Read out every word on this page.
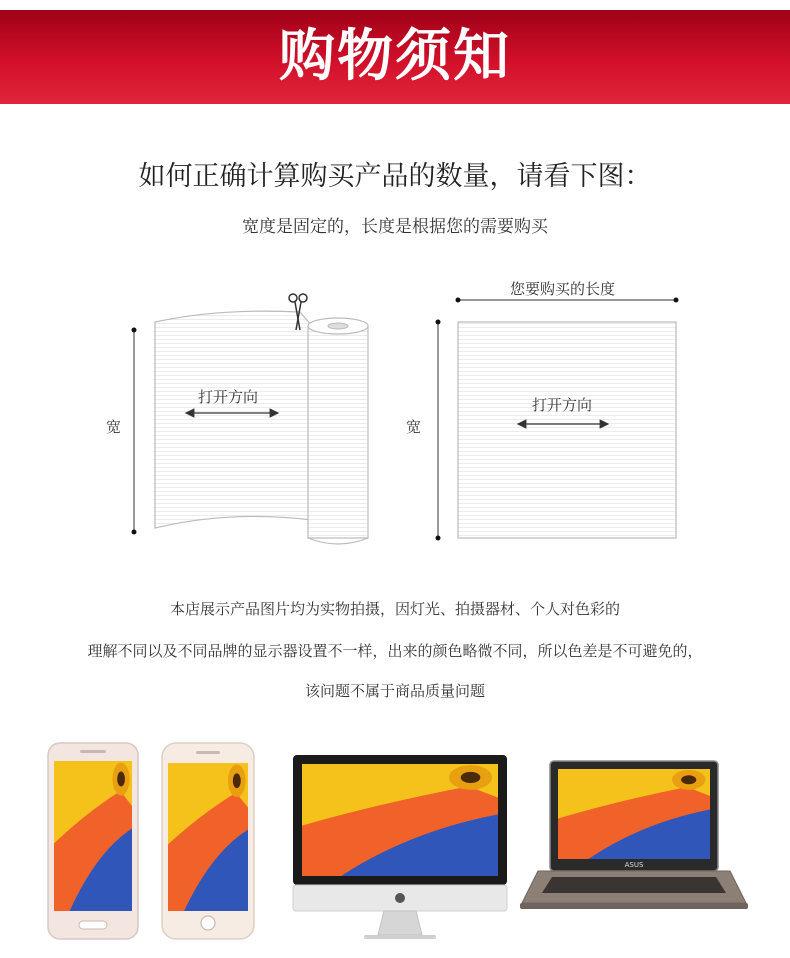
购物须知
如何正确计算购买产品的数量，请看下图：
宽度是固定的，长度是根据您的需要购买
打开方向
宽
您要购买的长度
打开方向
宽
本店展示产品图片均为实物拍摄，因灯光、拍摄器材、个人对色彩的
理解不同以及不同品牌的显示器设置不一样，出来的颜色略微不同，所以色差是不可避免的，
该问题不属于商品质量问题
ASUS
